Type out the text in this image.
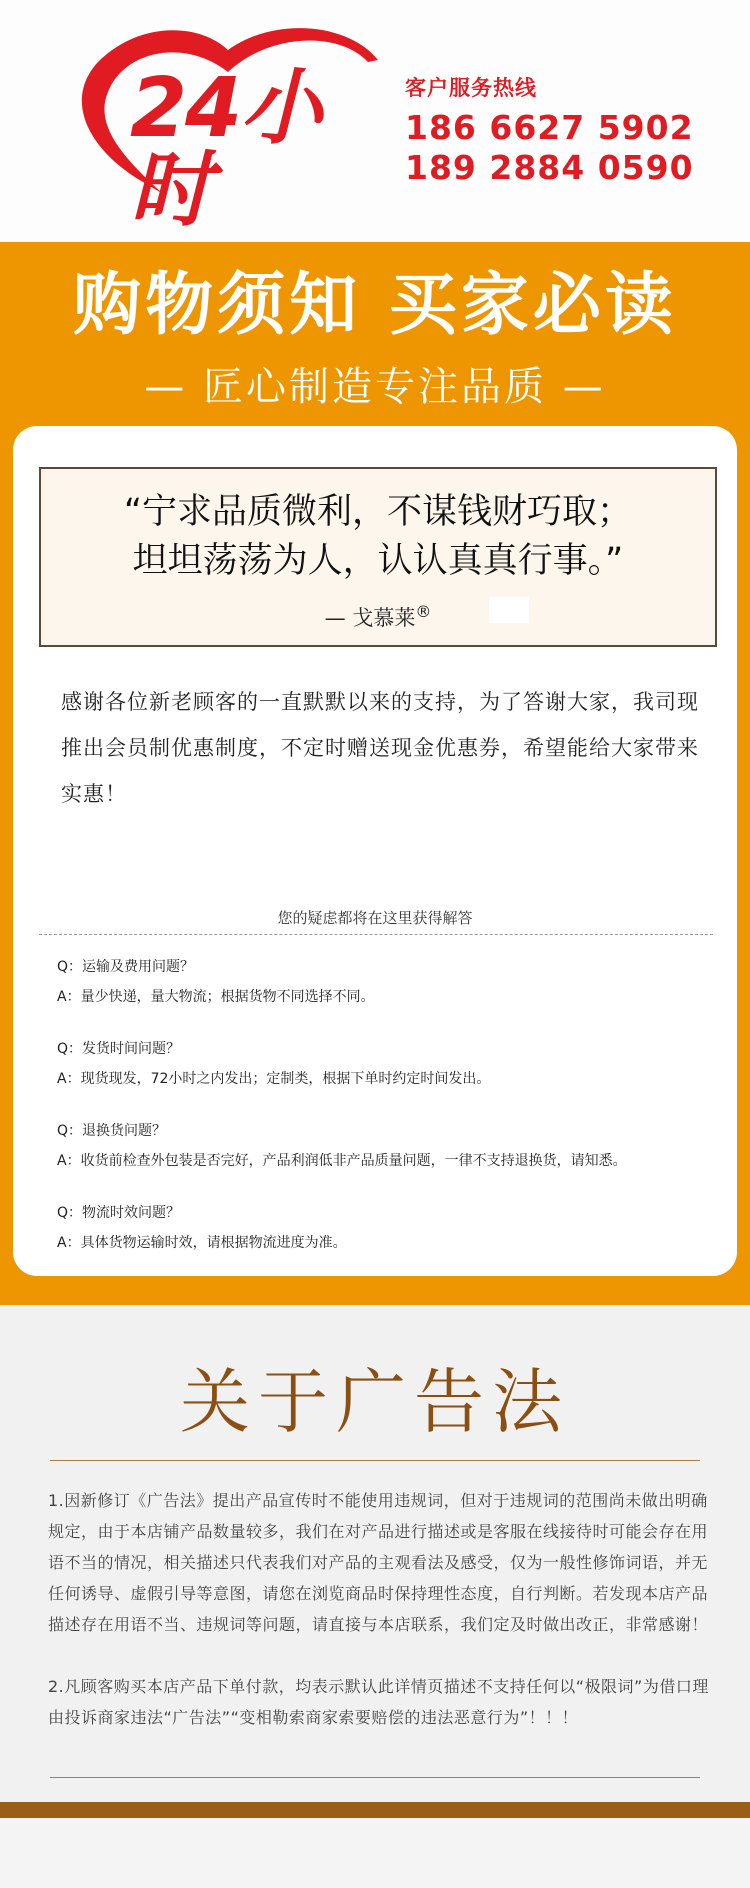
24小时
客户服务热线
186 6627 5902
189 2884 0590
购物须知 买家必读
— 匠心制造专注品质 —
“宁求品质微利，不谋钱财巧取；
坦坦荡荡为人，认认真真行事。”
— 戈慕莱®
感谢各位新老顾客的一直默默以来的支持，为了答谢大家，我司现推出会员制优惠制度，不定时赠送现金优惠券，希望能给大家带来实惠！
您的疑虑都将在这里获得解答
Q：运输及费用问题？
A：量少快递，量大物流；根据货物不同选择不同。
Q：发货时间问题？
A：现货现发，72小时之内发出；定制类，根据下单时约定时间发出。
Q：退换货问题？
A：收货前检查外包装是否完好，产品利润低非产品质量问题，一律不支持退换货，请知悉。
Q：物流时效问题？
A：具体货物运输时效，请根据物流进度为准。
关于广告法

1.因新修订《广告法》提出产品宣传时不能使用违规词，但对于违规词的范围尚未做出明确规定，由于本店铺产品数量较多，我们在对产品进行描述或是客服在线接待时可能会存在用语不当的情况，相关描述只代表我们对产品的主观看法及感受，仅为一般性修饰词语，并无任何诱导、虚假引导等意图，请您在浏览商品时保持理性态度，自行判断。若发现本店产品描述存在用语不当、违规词等问题，请直接与本店联系，我们定及时做出改正，非常感谢！

2.凡顾客购买本店产品下单付款，均表示默认此详情页描述不支持任何以“极限词”为借口理由投诉商家违法“广告法”“变相勒索商家索要赔偿的违法恶意行为”！！！
